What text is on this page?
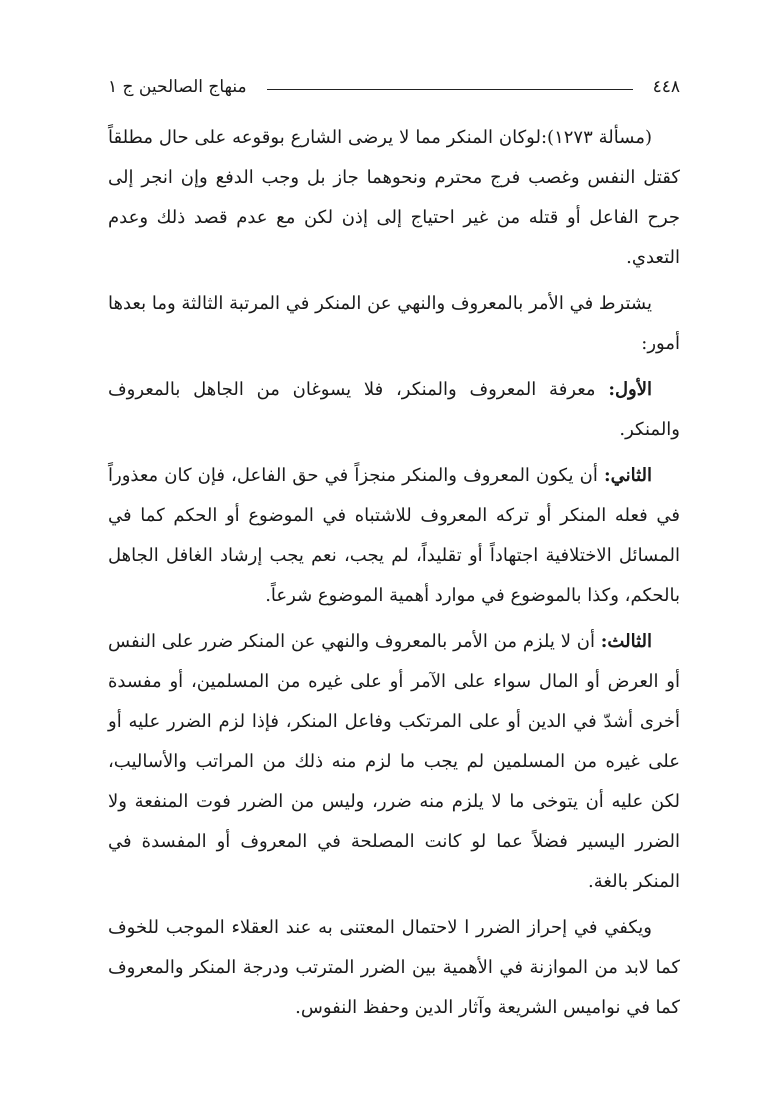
٤٤٨
منهاج الصالحين ج ١

(مسألة ١٢٧٣):لوكان المنكر مما لا يرضى الشارع بوقوعه على حال مطلقاً كقتل النفس وغصب فرج محترم ونحوهما جاز بل وجب الدفع وإن انجر إلى جرح الفاعل أو قتله من غير احتياج إلى إذن لكن مع عدم قصد ذلك وعدم التعدي.

يشترط في الأمر بالمعروف والنهي عن المنكر في المرتبة الثالثة وما بعدها أمور:

الأول: معرفة المعروف والمنكر، فلا يسوغان من الجاهل بالمعروف والمنكر.

الثاني: أن يكون المعروف والمنكر منجزاً في حق الفاعل، فإن كان معذوراً في فعله المنكر أو تركه المعروف للاشتباه في الموضوع أو الحكم كما في المسائل الاختلافية اجتهاداً أو تقليداً، لم يجب، نعم يجب إرشاد الغافل الجاهل بالحكم، وكذا بالموضوع في موارد أهمية الموضوع شرعاً.

الثالث: أن لا يلزم من الأمر بالمعروف والنهي عن المنكر ضرر على النفس أو العرض أو المال سواء على الآمر أو على غيره من المسلمين، أو مفسدة أخرى أشدّ في الدين أو على المرتكب وفاعل المنكر، فإذا لزم الضرر عليه أو على غيره من المسلمين لم يجب ما لزم منه ذلك من المراتب والأساليب، لكن عليه أن يتوخى ما لا يلزم منه ضرر، وليس من الضرر فوت المنفعة ولا الضرر اليسير فضلاً عما لو كانت المصلحة في المعروف أو المفسدة في المنكر بالغة.

ويكفي في إحراز الضرر ا لاحتمال المعتنى به عند العقلاء الموجب للخوف كما لابد من الموازنة في الأهمية بين الضرر المترتب ودرجة المنكر والمعروف كما في نواميس الشريعة وآثار الدين وحفظ النفوس.
